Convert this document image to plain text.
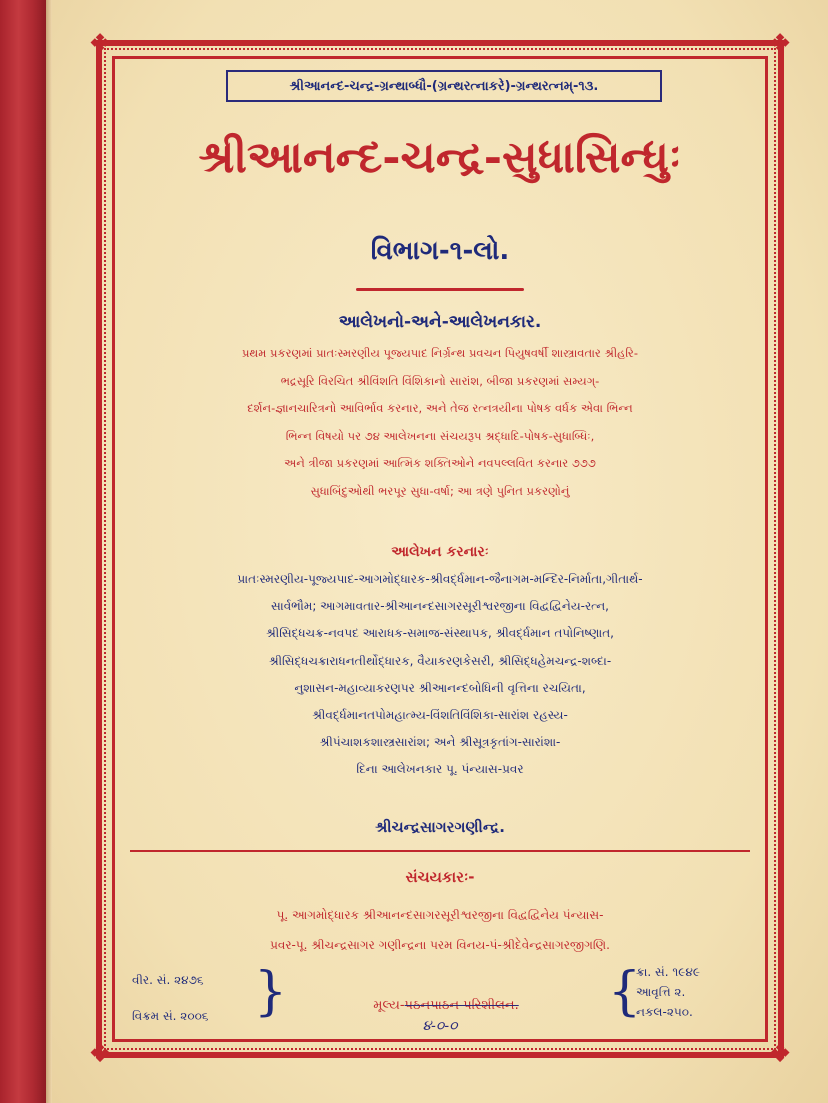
❖	❖
❖	❖
શ્રીઆનન્દ-ચન્દ્ર-ગ્રન્થાબ્ધૌ-(ગ્રન્થરત્નાકરે)-ગ્રન્થરત્નમ્-૧૩.
શ્રીઆનન્દ-ચન્દ્ર-સુધાસિન્ધુઃ
વિભાગ-૧-લો.
આલેખનો-અને-આલેખનકાર.
પ્રથમ પ્રકરણમાં પ્રાતઃસ્મરણીય પૂજ્યપાદ નિર્ગ્રન્થ પ્રવચન પિયુષવર્ષી શાસ્ત્રાવતાર શ્રીહરિ-
ભદ્રસૂરિ વિરચિત શ્રીવિંશતિ વિંશિકાનો સારાંશ, બીજા પ્રકરણમાં સમ્યગ્-
દર્શન-જ્ઞાનચારિત્રનો આવિર્ભાવ કરનાર, અને તેજ રત્નત્રયીના પોષક વર્ધક એવા ભિન્ન
ભિન્ન વિષયો પર ૭૪ આલેખનના સંચયરૂપ શ્રદ્ધાદિ-પોષક-સુધાબ્ધિઃ,
અને ત્રીજા પ્રકરણમાં આત્મિક શક્તિઓને નવપલ્લવિત કરનાર ૭૭૭
સુધાબિંદુઓથી ભરપૂર સુધા-વર્ષા; આ ત્રણે પુનિત પ્રકરણોનું
આલેખન કરનારઃ
પ્રાતઃસ્મરણીય-પૂજ્યપાદ-આગમોદ્ધારક-શ્રીવર્દ્ધમાન-જૈનાગમ-મન્દિર-નિર્માતા,ગીતાર્થ-
સાર્વભૌમ; આગમાવતાર-શ્રીઆનન્દસાગરસૂરીશ્વરજીના વિદ્વદ્વિનેય-રત્ન,
શ્રીસિદ્ધચક્ર-નવપદ આરાધક-સમાજ-સંસ્થાપક, શ્રીવર્દ્ધમાન તપોનિષ્ણાત,
શ્રીસિદ્ધચક્રારાધનતીર્થોદ્ધારક, વૈયાકરણકેસરી, શ્રીસિદ્ધહેમચન્દ્ર-શબ્દા-
નુશાસન-મહાવ્યાકરણપર શ્રીઆનન્દબોધિની વૃત્તિના રચયિતા,
શ્રીવર્દ્ધમાનતપોમહાત્મ્ય-વિંશતિવિંશિકા-સારાંશ રહસ્ય-
શ્રીપંચાશકશાસ્ત્રસારાંશ; અને શ્રીસૂત્રકૃતાંગ-સારાંશા-
દિના આલેખનકાર પૂ. પંન્યાસ-પ્રવર
શ્રીચન્દ્રસાગરગણીન્દ્ર.
સંચયકારઃ-
પૂ. આગમોદ્ધારક શ્રીઆનન્દસાગરસૂરીશ્વરજીના વિદ્વદ્વિનેય પંન્યાસ-
પ્રવર-પૂ. શ્રીચન્દ્રસાગર ગણીન્દ્રના પરમ વિનય-પં-શ્રીદેવેન્દ્રસાગરજીગણિ.
વીર. સં. ૨૪૭૬
વિક્રમ સં. ૨૦૦૬ }	મૂલ્ય-પઠનપાઠન પરિશીલન.
૪-૦-૦
{
ક્રા. સં. ૧૯૪૯
આવૃત્તિ ૨.
નકલ-૨૫૦.
